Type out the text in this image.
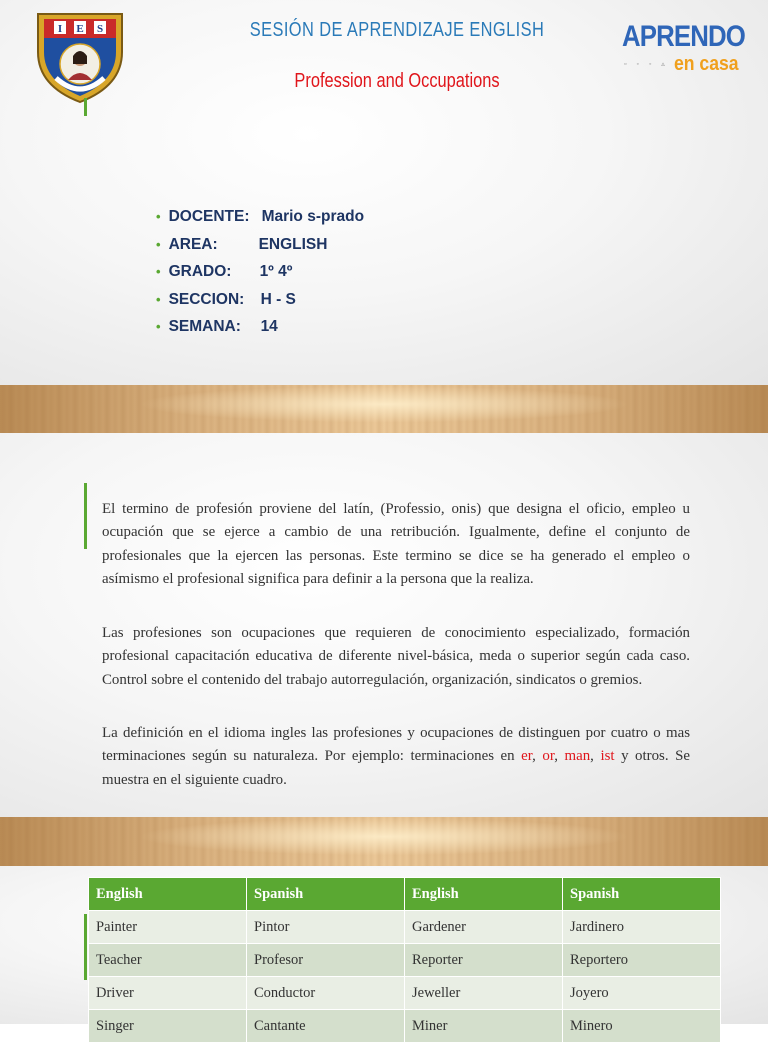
I E S	SESIÓN DE APRENDIZAJE ENGLISH
Profession and Occupations
APRENDO
▫ ◦ ◦ ▵ ◦
en casa
• DOCENTE: Mario s-prado
• AREA:	ENGLISH
• GRADO: 1º 4º
• SECCION: H - S
• SEMANA: 14

El termino de profesión proviene del latín, (Professio, onis) que designa el oficio, empleo u ocupación que se ejerce a cambio de una retribución. Igualmente, define el conjunto de profesionales que la ejercen las personas. Este termino se dice se ha generado el empleo o asímismo el profesional significa para definir a la persona que la realiza.

Las profesiones son ocupaciones que requieren de conocimiento especializado, formación profesional capacitación educativa de diferente nivel-básica, meda o superior según cada caso. Control sobre el contenido del trabajo autorregulación, organización, sindicatos o gremios.

La definición en el idioma ingles las profesiones y ocupaciones de distinguen por cuatro o mas terminaciones según su naturaleza. Por ejemplo: terminaciones en er, or, man, ist y otros. Se muestra en el siguiente cuadro.

English	Spanish	English	Spanish
Painter	Pintor	Gardener	Jardinero
Teacher	Profesor	Reporter	Reportero
Driver	Conductor	Jeweller	Joyero
Singer	Cantante	Miner	Minero
